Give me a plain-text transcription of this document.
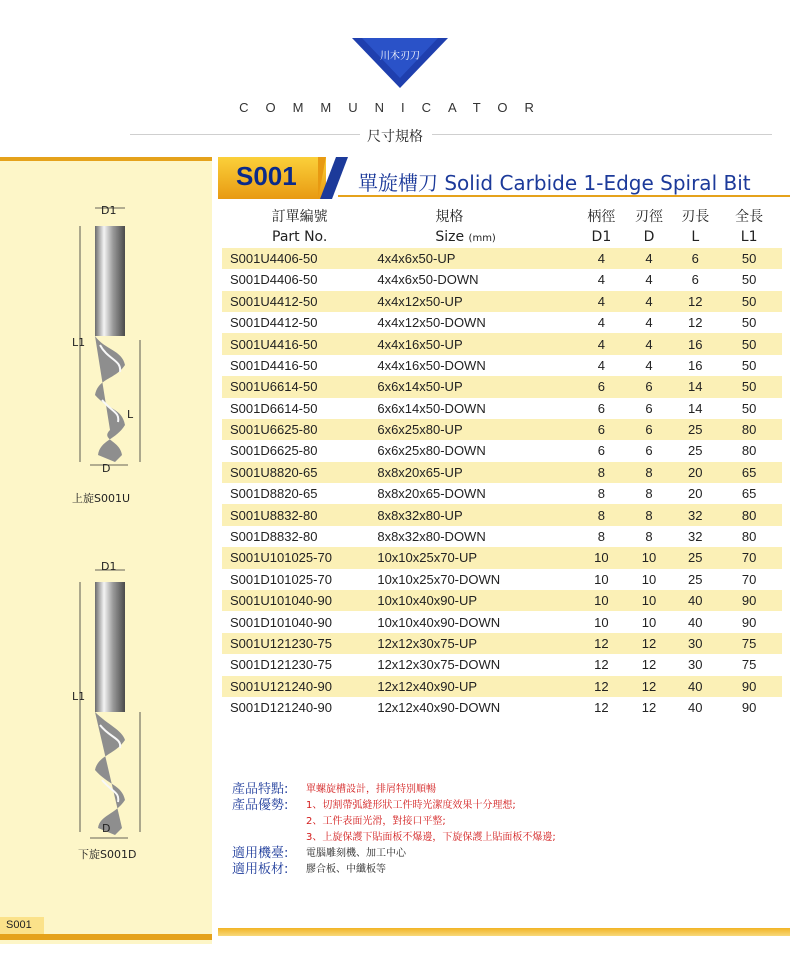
川木刃刀
COMMUNICATOR
尺寸規格
D1
L1
L
D
上旋S001U
D1
L1
D
下旋S001D
S001
S001	單旋槽刀 Solid Carbide 1-Edge Spiral Bit
訂單編號	規格	柄徑	刃徑	刃長	全長
Part No.	Size (mm)	D1	D	L	L1
S001U4406-50	4x4x6x50-UP	4	4	6	50
S001D4406-50	4x4x6x50-DOWN	4	4	6	50
S001U4412-50	4x4x12x50-UP	4	4	12	50
S001D4412-50	4x4x12x50-DOWN	4	4	12	50
S001U4416-50	4x4x16x50-UP	4	4	16	50
S001D4416-50	4x4x16x50-DOWN	4	4	16	50
S001U6614-50	6x6x14x50-UP	6	6	14	50
S001D6614-50	6x6x14x50-DOWN	6	6	14	50
S001U6625-80	6x6x25x80-UP	6	6	25	80
S001D6625-80	6x6x25x80-DOWN	6	6	25	80
S001U8820-65	8x8x20x65-UP	8	8	20	65
S001D8820-65	8x8x20x65-DOWN	8	8	20	65
S001U8832-80	8x8x32x80-UP	8	8	32	80
S001D8832-80	8x8x32x80-DOWN	8	8	32	80
S001U101025-70	10x10x25x70-UP	10	10	25	70
S001D101025-70	10x10x25x70-DOWN	10	10	25	70
S001U101040-90	10x10x40x90-UP	10	10	40	90
S001D101040-90	10x10x40x90-DOWN	10	10	40	90
S001U121230-75	12x12x30x75-UP	12	12	30	75
S001D121230-75	12x12x30x75-DOWN	12	12	30	75
S001U121240-90	12x12x40x90-UP	12	12	40	90
S001D121240-90	12x12x40x90-DOWN	12	12	40	90
產品特點:	單螺旋槽設計，排屑特別順暢
產品優勢:	1、切割帶弧縫形狀工件時光潔度效果十分理想;
2、工件表面光滑，對接口平整;
3、上旋保護下貼面板不爆邊，下旋保護上貼面板不爆邊;
適用機臺:	電腦雕刻機、加工中心
適用板材:	膠合板、中纖板等
